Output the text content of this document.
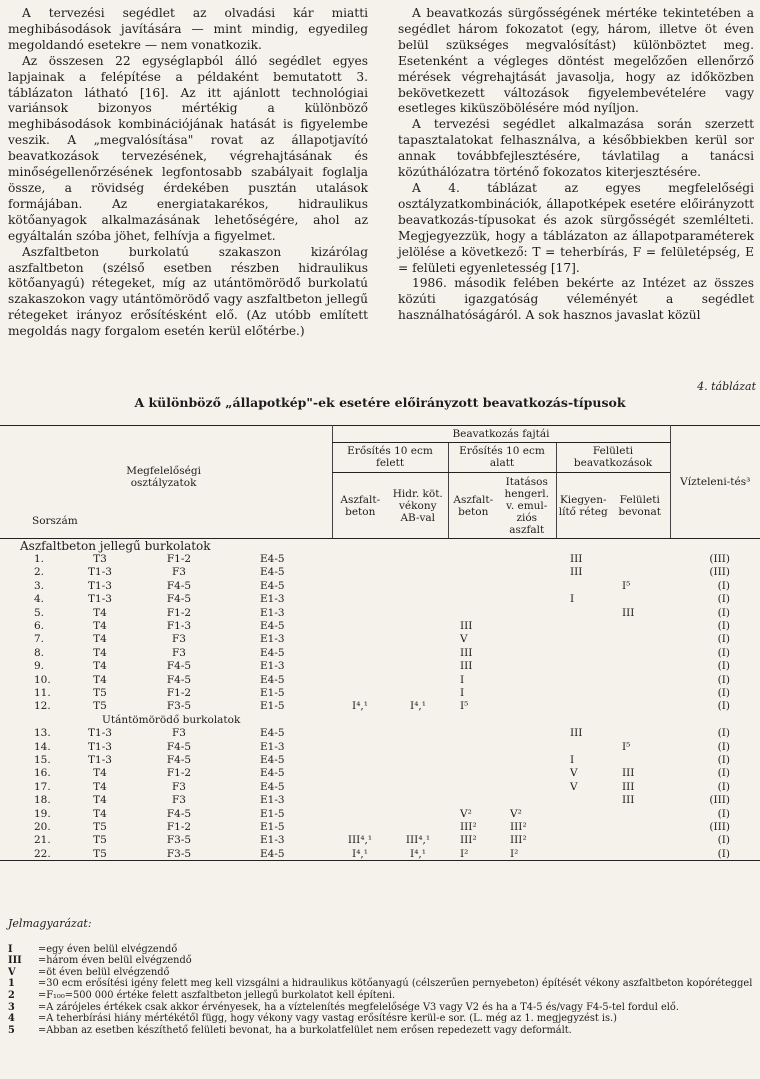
A tervezési segédlet az olvadási kár miatti meghibásodások javítására — mint mindig, egyedileg megoldandó esetekre — nem vonatkozik.

Az összesen 22 egységlapból álló segédlet egyes lapjainak a felépítése a példaként bemutatott 3. táblázaton látható [16]. Az itt ajánlott technológiai variánsok bizonyos mértékig a különböző meghibásodások kombinációjának hatását is figyelembe veszik. A „megvalósítása" rovat az állapotjavító beavatkozások tervezésének, végrehajtásának és minőségellenőrzésének legfontosabb szabályait foglalja össze, a rövidség érdekében pusztán utalások formájában. Az energiatakarékos, hidraulikus kötőanyagok alkalmazásának lehetőségére, ahol az egyáltalán szóba jöhet, felhívja a figyelmet.

Aszfaltbeton burkolatú szakaszon kizárólag aszfaltbeton (szélső esetben részben hidraulikus kötőanyagú) rétegeket, míg az utántömörödő burkolatú szakaszokon vagy utántömörödő vagy aszfaltbeton jellegű rétegeket irányoz erősítésként elő. (Az utóbb említett megoldás nagy forgalom esetén kerül előtérbe.)

A beavatkozás sürgősségének mértéke tekintetében a segédlet három fokozatot (egy, három, illetve öt éven belül szükséges megvalósítást) különböztet meg. Esetenként a végleges döntést megelőzően ellenőrző mérések végrehajtását javasolja, hogy az időközben bekövetkezett változások figyelembevételére vagy esetleges kiküszöbölésére mód nyíljon.

A tervezési segédlet alkalmazása során szerzett tapasztalatokat felhasználva, a későbbiekben kerül sor annak továbbfejlesztésére, távlatilag a tanácsi közúthálózatra történő fokozatos kiterjesztésére.

A 4. táblázat az egyes megfelelőségi osztályzatkombinációk, állapotképek esetére előirányzott beavatkozás-típusokat és azok sürgősségét szemlélteti. Megjegyezzük, hogy a táblázaton az állapotparaméterek jelölése a következő: T = teherbírás, F = felületépség, E = felületi egyenletesség [17].

1986. második felében bekérte az Intézet az összes közúti igazgatóság véleményét a segédlet használhatóságáról. A sok hasznos javaslat közül

4. táblázat
A különböző „állapotkép"-ek esetére előirányzott beavatkozás-típusok
Sorszám
Megfelelőségi osztályzatok				Beavatkozás fajtái						Vízteleni-tés³
				Erősítés 10 ecm felett		Erősítés 10 ecm alatt		Felületi beavatkozások		
				Aszfalt-beton	Hidr. köt. vékony AB-val	Aszfalt-beton	Itatásos hengerl. v. emul-ziós aszfalt	Kiegyen-lítő réteg	Felületi bevonat	
Aszfaltbeton jellegű burkolatok										
1.	T3	F1-2	E4-5					III		(III)
2.	T1-3	F3	E4-5					III		(III)
3.	T1-3	F4-5	E4-5						I⁵	(I)
4.	T1-3	F4-5	E1-3					I		(I)
5.	T4	F1-2	E1-3						III	(I)
6.	T4	F1-3	E4-5			III				(I)
7.	T4	F3	E1-3			V				(I)
8.	T4	F3	E4-5			III				(I)
9.	T4	F4-5	E1-3			III				(I)
10.	T4	F4-5	E4-5			I				(I)
11.	T5	F1-2	E1-5			I				(I)
12.	T5	F3-5	E1-5	I⁴,¹	I⁴,¹	I⁵				(I)
	Utántömörödő burkolatok									
13.	T1-3	F3	E4-5					III		(I)
14.	T1-3	F4-5	E1-3						I⁵	(I)
15.	T1-3	F4-5	E4-5					I		(I)
16.	T4	F1-2	E4-5					V	III	(I)
17.	T4	F3	E4-5					V	III	(I)
18.	T4	F3	E1-3						III	(III)
19.	T4	F4-5	E1-5			V²	V²			(I)
20.	T5	F1-2	E1-5			III²	III²			(III)
21.	T5	F3-5	E1-3	III⁴,¹	III⁴,¹	III²	III²			(I)
22.	T5	F3-5	E4-5	I⁴,¹	I⁴,¹	I²	I²			(I)

Jelmagyarázat:
I	=egy éven belül elvégzendő
III	=három éven belül elvégzendő
V	=öt éven belül elvégzendő
1	=30 ecm erősítési igény felett meg kell vizsgálni a hidraulikus kötőanyagú (célszerűen pernyebeton) építését vékony aszfaltbeton kopóréteggel
2	=F₁₀₀=500 000 értéke felett aszfaltbeton jellegű burkolatot kell építeni.
3	=A zárójeles értékek csak akkor érvényesek, ha a víztelenítés megfelelősége V3 vagy V2 és ha a T4-5 és/vagy F4-5-tel fordul elő.
4	=A teherbírási hiány mértékétől függ, hogy vékony vagy vastag erősítésre kerül-e sor. (L. még az 1. megjegyzést is.)
5	=Abban az esetben készíthető felületi bevonat, ha a burkolatfelület nem erősen repedezett vagy deformált.
